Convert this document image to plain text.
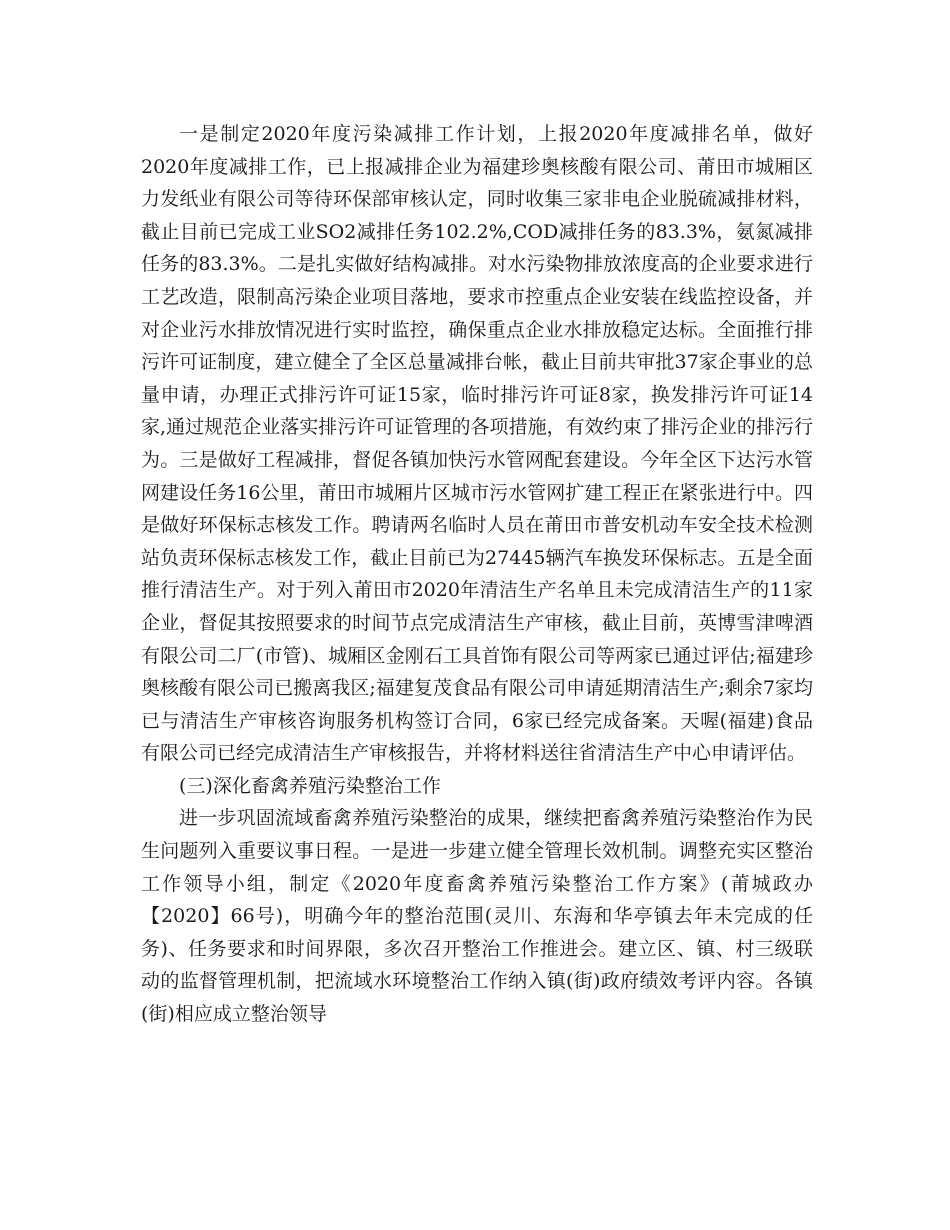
一是制定2020年度污染减排工作计划，上报2020年度减排名单，做好2020年度减排工作，已上报减排企业为福建珍奥核酸有限公司、莆田市城厢区力发纸业有限公司等待环保部审核认定，同时收集三家非电企业脱硫减排材料，截止目前已完成工业SO2减排任务102.2%,COD减排任务的83.3%，氨氮减排任务的83.3%。二是扎实做好结构减排。对水污染物排放浓度高的企业要求进行工艺改造，限制高污染企业项目落地，要求市控重点企业安装在线监控设备，并对企业污水排放情况进行实时监控，确保重点企业水排放稳定达标。全面推行排污许可证制度，建立健全了全区总量减排台帐，截止目前共审批37家企事业的总量申请，办理正式排污许可证15家，临时排污许可证8家，换发排污许可证14家,通过规范企业落实排污许可证管理的各项措施，有效约束了排污企业的排污行为。三是做好工程减排，督促各镇加快污水管网配套建设。今年全区下达污水管网建设任务16公里，莆田市城厢片区城市污水管网扩建工程正在紧张进行中。四是做好环保标志核发工作。聘请两名临时人员在莆田市普安机动车安全技术检测站负责环保标志核发工作，截止目前已为27445辆汽车换发环保标志。五是全面推行清洁生产。对于列入莆田市2020年清洁生产名单且未完成清洁生产的11家企业，督促其按照要求的时间节点完成清洁生产审核，截止目前，英博雪津啤酒有限公司二厂(市管)、城厢区金刚石工具首饰有限公司等两家已通过评估;福建珍奥核酸有限公司已搬离我区;福建复茂食品有限公司申请延期清洁生产;剩余7家均已与清洁生产审核咨询服务机构签订合同，6家已经完成备案。天喔(福建)食品有限公司已经完成清洁生产审核报告，并将材料送往省清洁生产中心申请评估。

(三)深化畜禽养殖污染整治工作

进一步巩固流域畜禽养殖污染整治的成果，继续把畜禽养殖污染整治作为民生问题列入重要议事日程。一是进一步建立健全管理长效机制。调整充实区整治工作领导小组，制定《2020年度畜禽养殖污染整治工作方案》(莆城政办【2020】66号)，明确今年的整治范围(灵川、东海和华亭镇去年未完成的任务)、任务要求和时间界限，多次召开整治工作推进会。建立区、镇、村三级联动的监督管理机制，把流域水环境整治工作纳入镇(街)政府绩效考评内容。各镇(街)相应成立整治领导
